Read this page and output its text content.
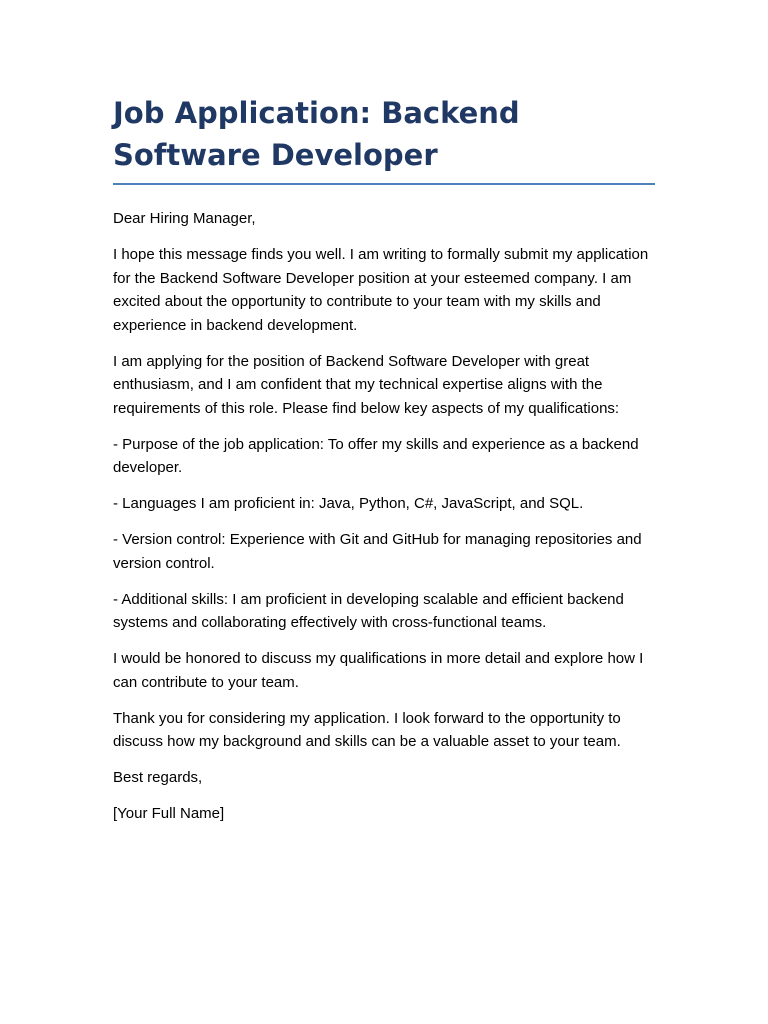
Job Application: Backend Software Developer

Dear Hiring Manager,

I hope this message finds you well. I am writing to formally submit my application for the Backend Software Developer position at your esteemed company. I am excited about the opportunity to contribute to your team with my skills and experience in backend development.

I am applying for the position of Backend Software Developer with great enthusiasm, and I am confident that my technical expertise aligns with the requirements of this role. Please find below key aspects of my qualifications:

- Purpose of the job application: To offer my skills and experience as a backend developer.

- Languages I am proficient in: Java, Python, C#, JavaScript, and SQL.

- Version control: Experience with Git and GitHub for managing repositories and version control.

- Additional skills: I am proficient in developing scalable and efficient backend systems and collaborating effectively with cross-functional teams.

I would be honored to discuss my qualifications in more detail and explore how I can contribute to your team.

Thank you for considering my application. I look forward to the opportunity to discuss how my background and skills can be a valuable asset to your team.

Best regards,

[Your Full Name]
